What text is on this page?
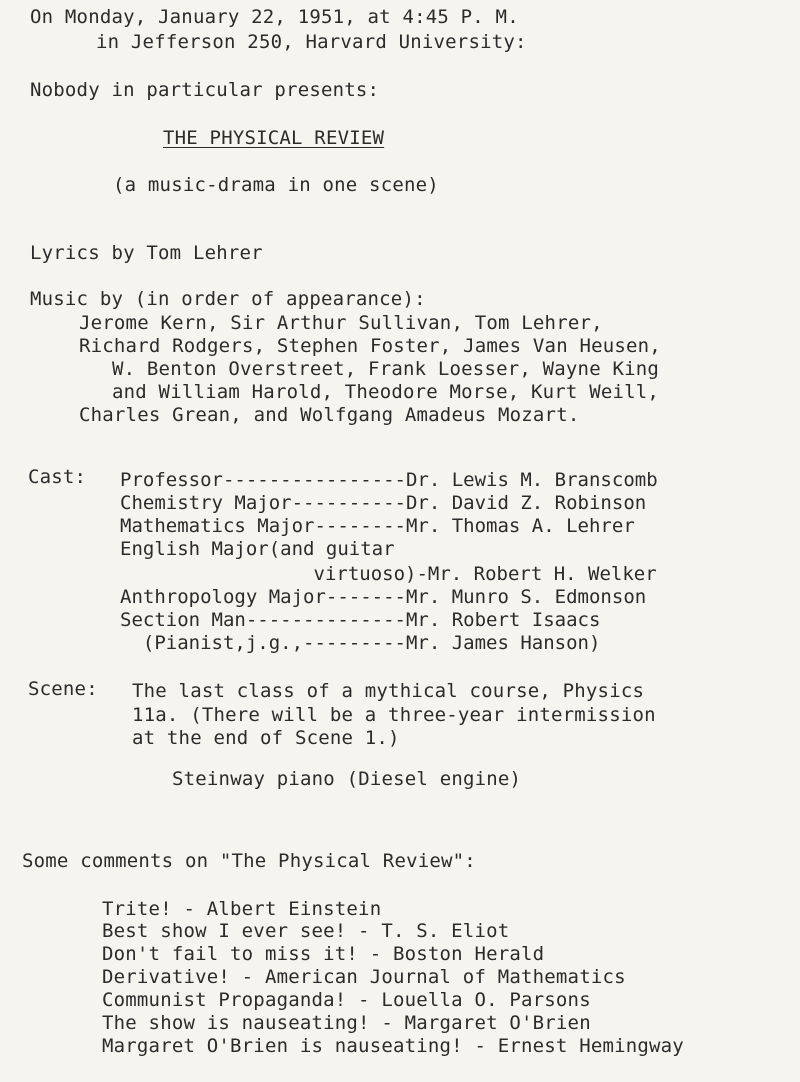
On Monday, January 22, 1951, at 4:45 P. M.
in Jefferson 250, Harvard University:
Nobody in particular presents:
THE PHYSICAL REVIEW
(a music-drama in one scene)
Lyrics by Tom Lehrer
Music by (in order of appearance):
Jerome Kern, Sir Arthur Sullivan, Tom Lehrer,
Richard Rodgers, Stephen Foster, James Van Heusen,
W. Benton Overstreet, Frank Loesser, Wayne King
and William Harold, Theodore Morse, Kurt Weill,
Charles Grean, and Wolfgang Amadeus Mozart.
Cast: Professor----------------Dr. Lewis M. Branscomb
Chemistry Major----------Dr. David Z. Robinson
Mathematics Major--------Mr. Thomas A. Lehrer
English Major(and guitar
virtuoso)-Mr. Robert H. Welker
Anthropology Major-------Mr. Munro S. Edmonson
Section Man--------------Mr. Robert Isaacs
(Pianist,j.g.,---------Mr. James Hanson)
Scene: The last class of a mythical course, Physics
11a. (There will be a three-year intermission
at the end of Scene 1.)
Steinway piano (Diesel engine)
Some comments on "The Physical Review":
Trite! - Albert Einstein
Best show I ever see! - T. S. Eliot
Don't fail to miss it! - Boston Herald
Derivative! - American Journal of Mathematics
Communist Propaganda! - Louella O. Parsons
The show is nauseating! - Margaret O'Brien
Margaret O'Brien is nauseating! - Ernest Hemingway
